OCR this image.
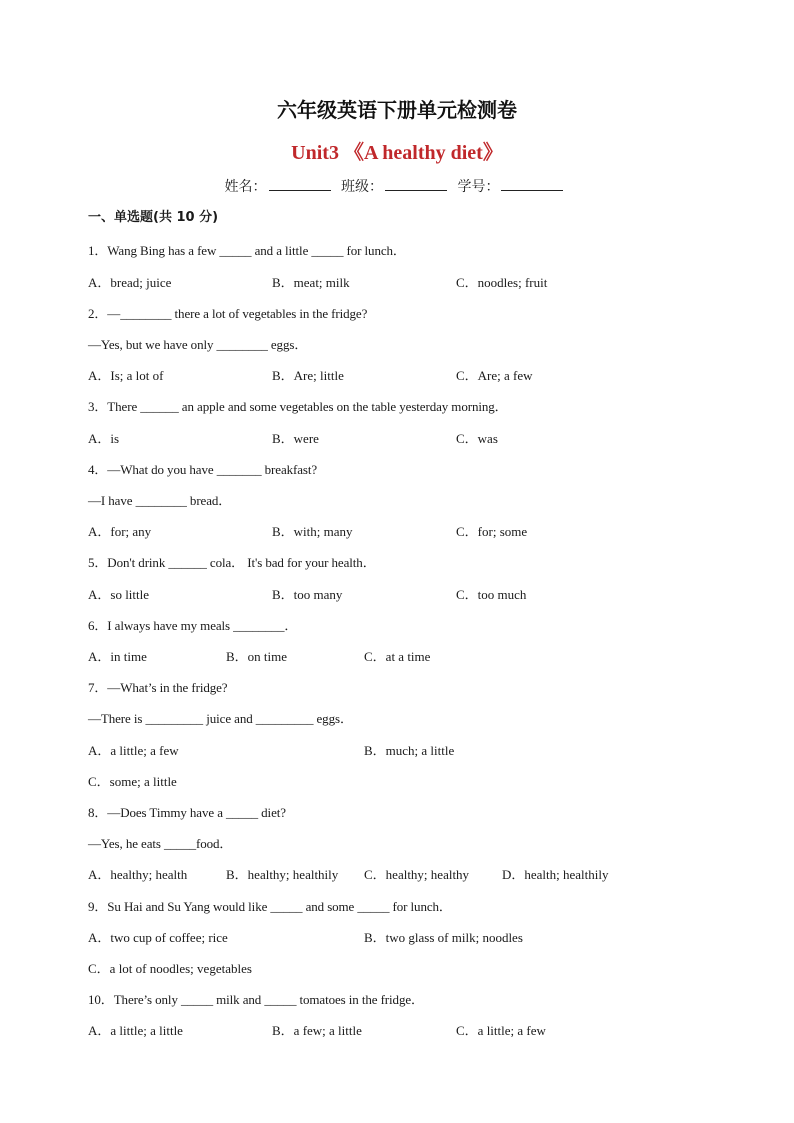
六年级英语下册单元检测卷
Unit3 《A healthy diet》
姓名：	班级：	学号：
一、单选题(共 10 分)
1．Wang Bing has a few _____ and a little _____ for lunch．
A．bread; juice	B．meat; milk	C．noodles; fruit
2．—________ there a lot of vegetables in the fridge?
—Yes, but we have only ________ eggs．
A．Is; a lot of	B．Are; little	C．Are; a few
3．There ______ an apple and some vegetables on the table yesterday morning．
A．is	B．were	C．was
4．—What do you have _______ breakfast?
—I have ________ bread．
A．for; any	B．with; many	C．for; some
5．Don't drink ______ cola． It's bad for your health．
A．so little	B．too many	C．too much
6．I always have my meals ________．
A．in time	B．on time	C．at a time
7．—What’s in the fridge?
—There is _________ juice and _________ eggs．
A．a little; a few	B．much; a little
C．some; a little
8．—Does Timmy have a _____ diet?
—Yes, he eats _____food．
A．healthy; health	B．healthy; healthily C．healthy; healthy	D．health; healthily
9．Su Hai and Su Yang would like _____ and some _____ for lunch．
A．two cup of coffee; rice	B．two glass of milk; noodles
C．a lot of noodles; vegetables
10．There’s only _____ milk and _____ tomatoes in the fridge．
A．a little; a little	B．a few; a little	C．a little; a few
